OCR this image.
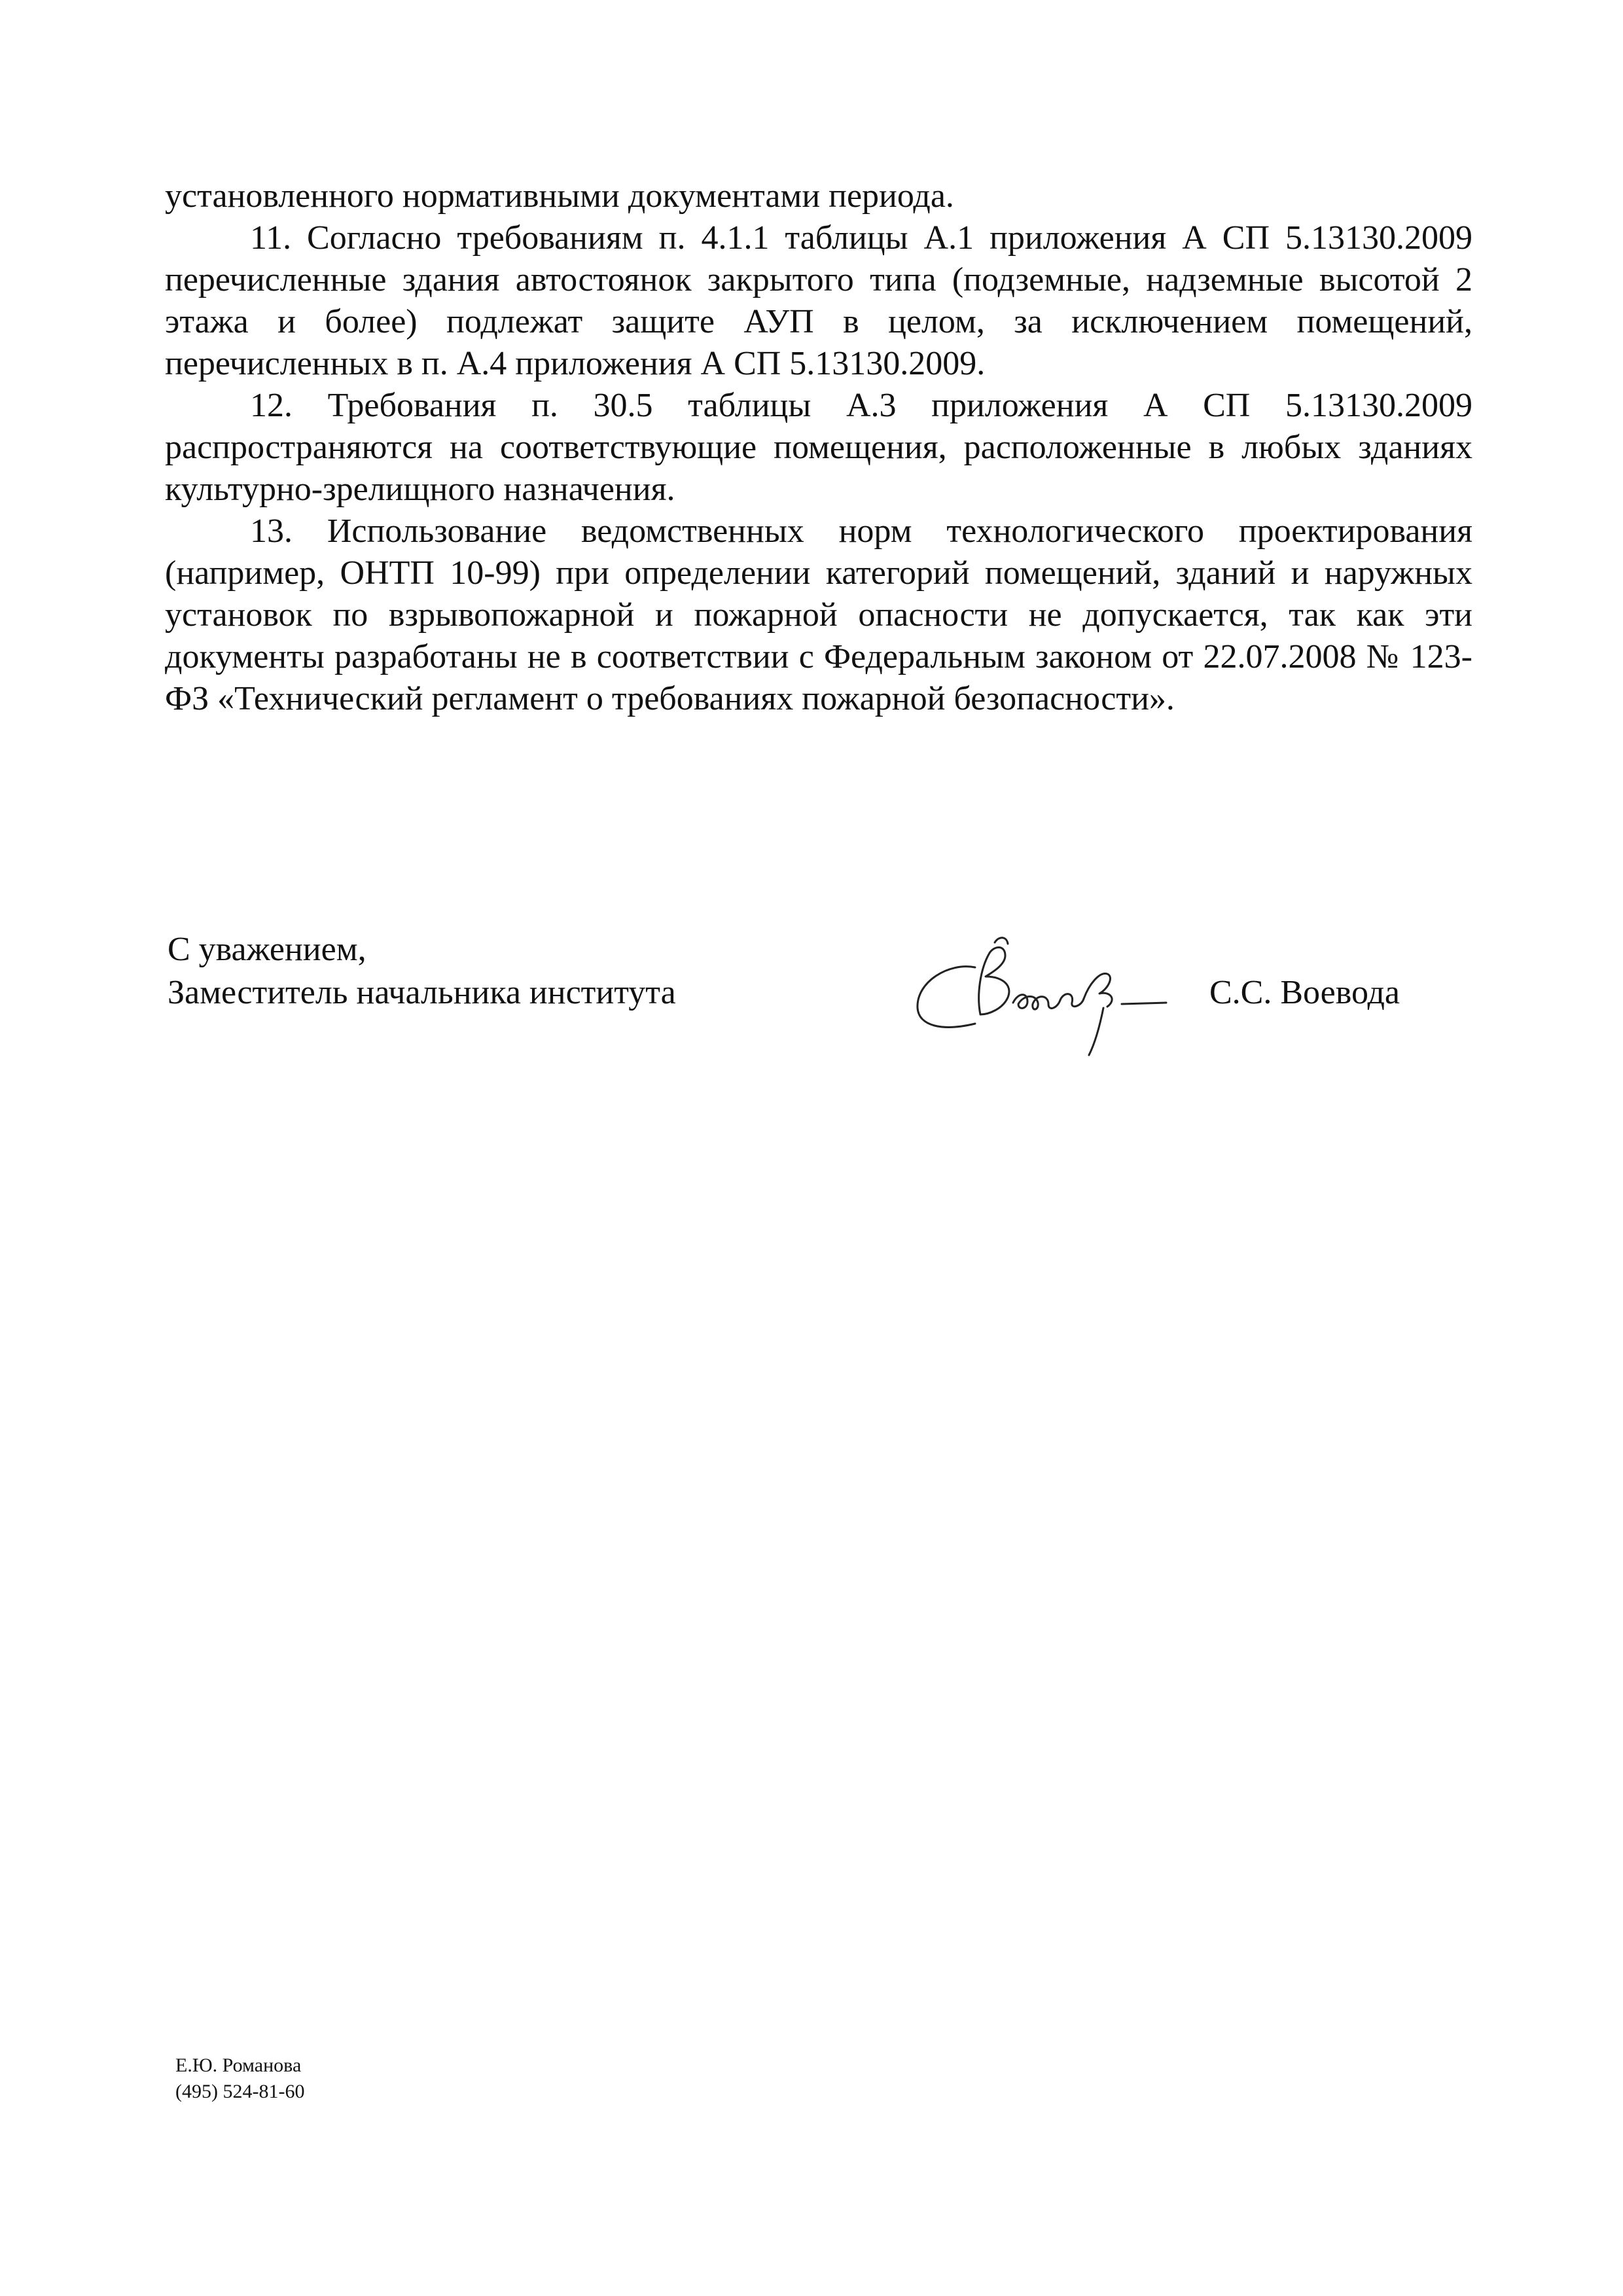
установленного нормативными документами периода.

11. Согласно требованиям п. 4.1.1 таблицы А.1 приложения А СП 5.13130.2009 перечисленные здания автостоянок закрытого типа (подземные, надземные высотой 2 этажа и более) подлежат защите АУП в целом, за исключением помещений, перечисленных в п. А.4 приложения А СП 5.13130.2009.

12. Требования п. 30.5 таблицы А.3 приложения А СП 5.13130.2009 распространяются на соответствующие помещения, расположенные в любых зданиях культурно-зрелищного назначения.

13. Использование ведомственных норм технологического проектирования (например, ОНТП 10-99) при определении категорий помещений, зданий и наружных установок по взрывопожарной и пожарной опасности не допускается, так как эти документы разработаны не в соответствии с Федеральным законом от 22.07.2008 № 123-ФЗ «Технический регламент о требованиях пожарной безопасности».

С уважением,
Заместитель начальника института	С.С. Воевода
Е.Ю. Романова
(495) 524-81-60
